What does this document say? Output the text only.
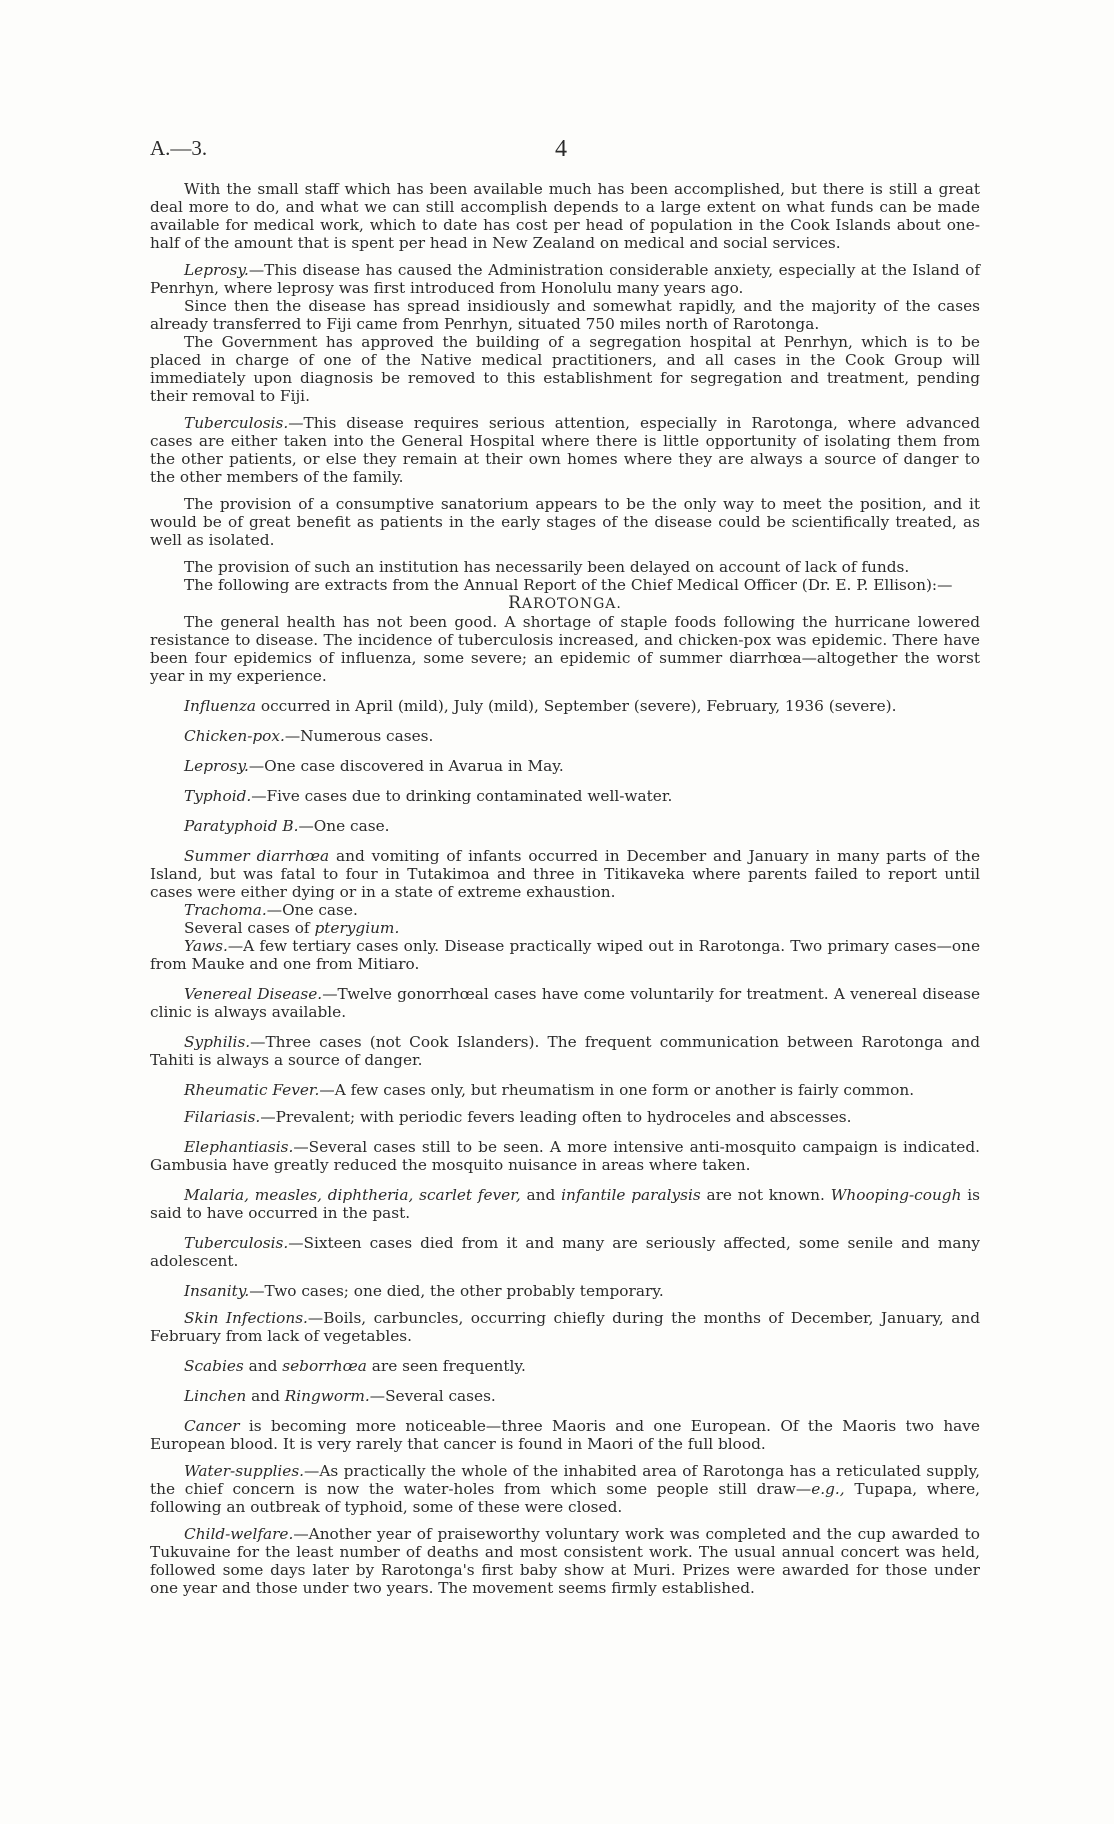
A.—3.	4

With the small staff which has been available much has been accomplished, but there is still a great deal more to do, and what we can still accomplish depends to a large extent on what funds can be made available for medical work, which to date has cost per head of population in the Cook Islands about one-half of the amount that is spent per head in New Zealand on medical and social services.

Leprosy.—This disease has caused the Administration considerable anxiety, especially at the Island of Penrhyn, where leprosy was first introduced from Honolulu many years ago.

Since then the disease has spread insidiously and somewhat rapidly, and the majority of the cases already transferred to Fiji came from Penrhyn, situated 750 miles north of Rarotonga.

The Government has approved the building of a segregation hospital at Penrhyn, which is to be placed in charge of one of the Native medical practitioners, and all cases in the Cook Group will immediately upon diagnosis be removed to this establishment for segregation and treatment, pending their removal to Fiji.

Tuberculosis.—This disease requires serious attention, especially in Rarotonga, where advanced cases are either taken into the General Hospital where there is little opportunity of isolating them from the other patients, or else they remain at their own homes where they are always a source of danger to the other members of the family.

The provision of a consumptive sanatorium appears to be the only way to meet the position, and it would be of great benefit as patients in the early stages of the disease could be scientifically treated, as well as isolated.

The provision of such an institution has necessarily been delayed on account of lack of funds.

The following are extracts from the Annual Report of the Chief Medical Officer (Dr. E. P. Ellison):—

RAROTONGA.

The general health has not been good. A shortage of staple foods following the hurricane lowered resistance to disease. The incidence of tuberculosis increased, and chicken-pox was epidemic. There have been four epidemics of influenza, some severe; an epidemic of summer diarrhœa—altogether the worst year in my experience.

Influenza occurred in April (mild), July (mild), September (severe), February, 1936 (severe).

Chicken-pox.—Numerous cases.

Leprosy.—One case discovered in Avarua in May.

Typhoid.—Five cases due to drinking contaminated well-water.

Paratyphoid B.—One case.

Summer diarrhœa and vomiting of infants occurred in December and January in many parts of the Island, but was fatal to four in Tutakimoa and three in Titikaveka where parents failed to report until cases were either dying or in a state of extreme exhaustion.

Trachoma.—One case.

Several cases of pterygium.

Yaws.—A few tertiary cases only. Disease practically wiped out in Rarotonga. Two primary cases—one from Mauke and one from Mitiaro.

Venereal Disease.—Twelve gonorrhœal cases have come voluntarily for treatment. A venereal disease clinic is always available.

Syphilis.—Three cases (not Cook Islanders). The frequent communication between Rarotonga and Tahiti is always a source of danger.

Rheumatic Fever.—A few cases only, but rheumatism in one form or another is fairly common.

Filariasis.—Prevalent; with periodic fevers leading often to hydroceles and abscesses.

Elephantiasis.—Several cases still to be seen. A more intensive anti-mosquito campaign is indicated. Gambusia have greatly reduced the mosquito nuisance in areas where taken.

Malaria, measles, diphtheria, scarlet fever, and infantile paralysis are not known. Whooping-cough is said to have occurred in the past.

Tuberculosis.—Sixteen cases died from it and many are seriously affected, some senile and many adolescent.

Insanity.—Two cases; one died, the other probably temporary.

Skin Infections.—Boils, carbuncles, occurring chiefly during the months of December, January, and February from lack of vegetables.

Scabies and seborrhœa are seen frequently.

Linchen and Ringworm.—Several cases.

Cancer is becoming more noticeable—three Maoris and one European. Of the Maoris two have European blood. It is very rarely that cancer is found in Maori of the full blood.

Water-supplies.—As practically the whole of the inhabited area of Rarotonga has a reticulated supply, the chief concern is now the water-holes from which some people still draw—e.g., Tupapa, where, following an outbreak of typhoid, some of these were closed.

Child-welfare.—Another year of praiseworthy voluntary work was completed and the cup awarded to Tukuvaine for the least number of deaths and most consistent work. The usual annual concert was held, followed some days later by Rarotonga's first baby show at Muri. Prizes were awarded for those under one year and those under two years. The movement seems firmly established.
